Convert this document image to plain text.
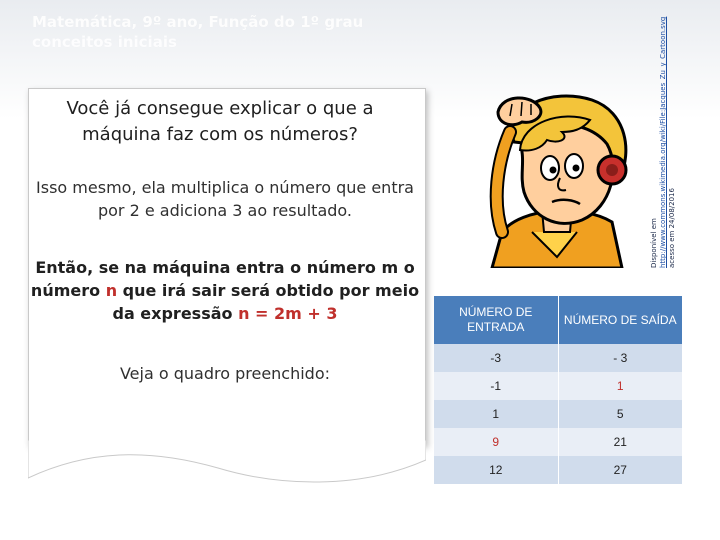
Matemática, 9º ano, Função do 1º grau
conceitos iniciais
Você já consegue explicar o que a máquina faz com os números?
Isso mesmo, ela multiplica o número que entra por 2 e adiciona 3 ao resultado.
Então, se na máquina entra o número m o número n que irá sair será obtido por meio da expressão n = 2m + 3
Veja o quadro preenchido:
Disponível em http://www.commons.wikimedia.org/wiki/File:Jacques_Zu_y_Cartoon.svg acesso em 24/08/2016
NÚMERO DE ENTRADA	NÚMERO DE SAÍDA
-3	- 3
-1	1
1	5
9	21
12	27
